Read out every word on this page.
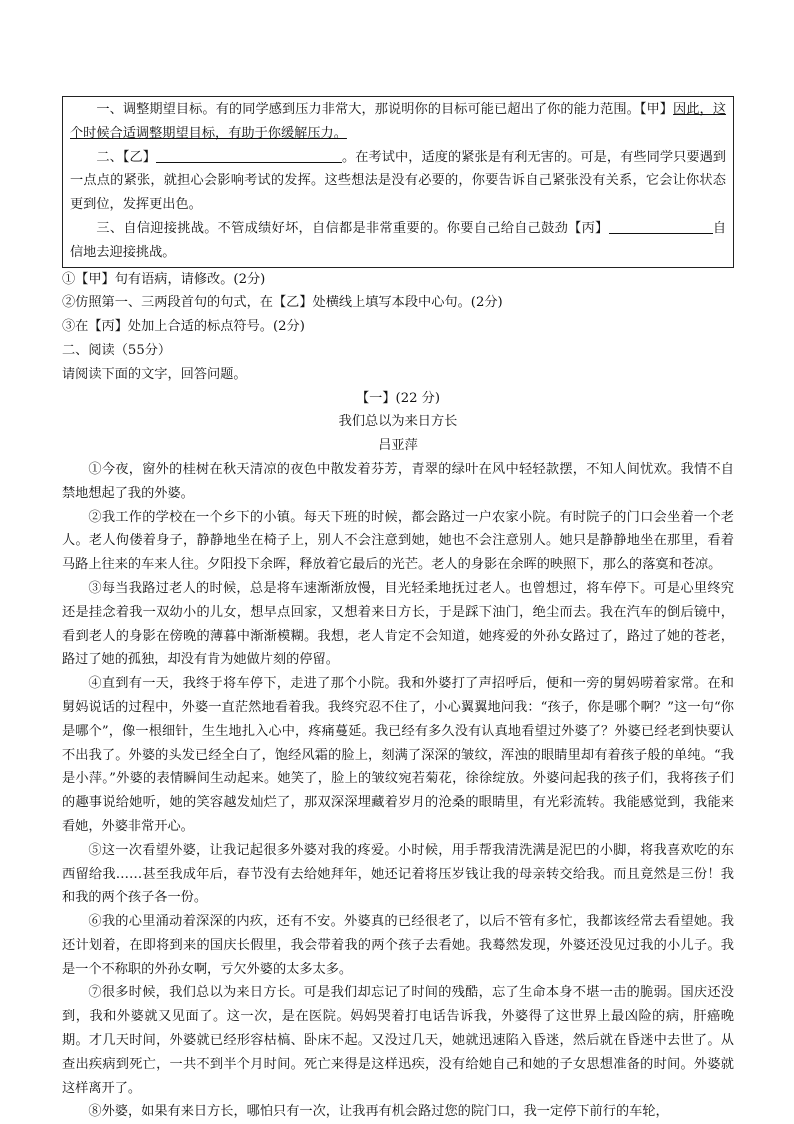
一、调整期望目标。有的同学感到压力非常大，那说明你的目标可能已超出了你的能力范围。【甲】因此，这个时候合适调整期望目标，有助于你缓解压力。

二、【乙】	。在考试中，适度的紧张是有利无害的。可是，有些同学只要遇到一点点的紧张，就担心会影响考试的发挥。这些想法是没有必要的，你要告诉自己紧张没有关系，它会让你状态更到位，发挥更出色。

三、自信迎接挑战。不管成绩好坏，自信都是非常重要的。你要自己给自己鼓劲【丙】	自信地去迎接挑战。

①【甲】句有语病，请修改。(2分)

②仿照第一、三两段首句的句式，在【乙】处横线上填写本段中心句。(2分)

③在【丙】处加上合适的标点符号。(2分)

二、阅读（55分）

请阅读下面的文字，回答问题。

【一】(22 分)

我们总以为来日方长

吕亚萍

①今夜，窗外的桂树在秋天清凉的夜色中散发着芬芳，青翠的绿叶在风中轻轻款摆，不知人间忧欢。我情不自禁地想起了我的外婆。

②我工作的学校在一个乡下的小镇。每天下班的时候，都会路过一户农家小院。有时院子的门口会坐着一个老人。老人佝偻着身子，静静地坐在椅子上，别人不会注意到她，她也不会注意别人。她只是静静地坐在那里，看着马路上往来的车来人往。夕阳投下余晖，释放着它最后的光芒。老人的身影在余晖的映照下，那么的落寞和苍凉。

③每当我路过老人的时候，总是将车速渐渐放慢，目光轻柔地抚过老人。也曾想过，将车停下。可是心里终究还是挂念着我一双幼小的儿女，想早点回家，又想着来日方长，于是踩下油门，绝尘而去。我在汽车的倒后镜中，看到老人的身影在傍晚的薄暮中渐渐模糊。我想，老人肯定不会知道，她疼爱的外孙女路过了，路过了她的苍老，路过了她的孤独，却没有肯为她做片刻的停留。

④直到有一天，我终于将车停下，走进了那个小院。我和外婆打了声招呼后，便和一旁的舅妈唠着家常。在和舅妈说话的过程中，外婆一直茫然地看着我。我终究忍不住了，小心翼翼地问我：“孩子，你是哪个啊？”这一句“你是哪个”，像一根细针，生生地扎入心中，疼痛蔓延。我已经有多久没有认真地看望过外婆了？外婆已经老到快要认不出我了。外婆的头发已经全白了，饱经风霜的脸上，刻满了深深的皱纹，浑浊的眼睛里却有着孩子般的单纯。“我是小萍。”外婆的表情瞬间生动起来。她笑了，脸上的皱纹宛若菊花，徐徐绽放。外婆问起我的孩子们，我将孩子们的趣事说给她听，她的笑容越发灿烂了，那双深深埋藏着岁月的沧桑的眼睛里，有光彩流转。我能感觉到，我能来看她，外婆非常开心。

⑤这一次看望外婆，让我记起很多外婆对我的疼爱。小时候，用手帮我清洗满是泥巴的小脚，将我喜欢吃的东西留给我……甚至我成年后，春节没有去给她拜年，她还记着将压岁钱让我的母亲转交给我。而且竟然是三份！我和我的两个孩子各一份。

⑥我的心里涌动着深深的内疚，还有不安。外婆真的已经很老了，以后不管有多忙，我都该经常去看望她。我还计划着，在即将到来的国庆长假里，我会带着我的两个孩子去看她。我蓦然发现，外婆还没见过我的小儿子。我是一个不称职的外孙女啊，亏欠外婆的太多太多。

⑦很多时候，我们总以为来日方长。可是我们却忘记了时间的残酷，忘了生命本身不堪一击的脆弱。国庆还没到，我和外婆就又见面了。这一次，是在医院。妈妈哭着打电话告诉我，外婆得了这世界上最凶险的病，肝癌晚期。才几天时间，外婆就已经形容枯槁、卧床不起。又没过几天，她就迅速陷入昏迷，然后就在昏迷中去世了。从查出疾病到死亡，一共不到半个月时间。死亡来得是这样迅疾，没有给她自己和她的子女思想准备的时间。外婆就这样离开了。

⑧外婆，如果有来日方长，哪怕只有一次，让我再有机会路过您的院门口，我一定停下前行的车轮，
